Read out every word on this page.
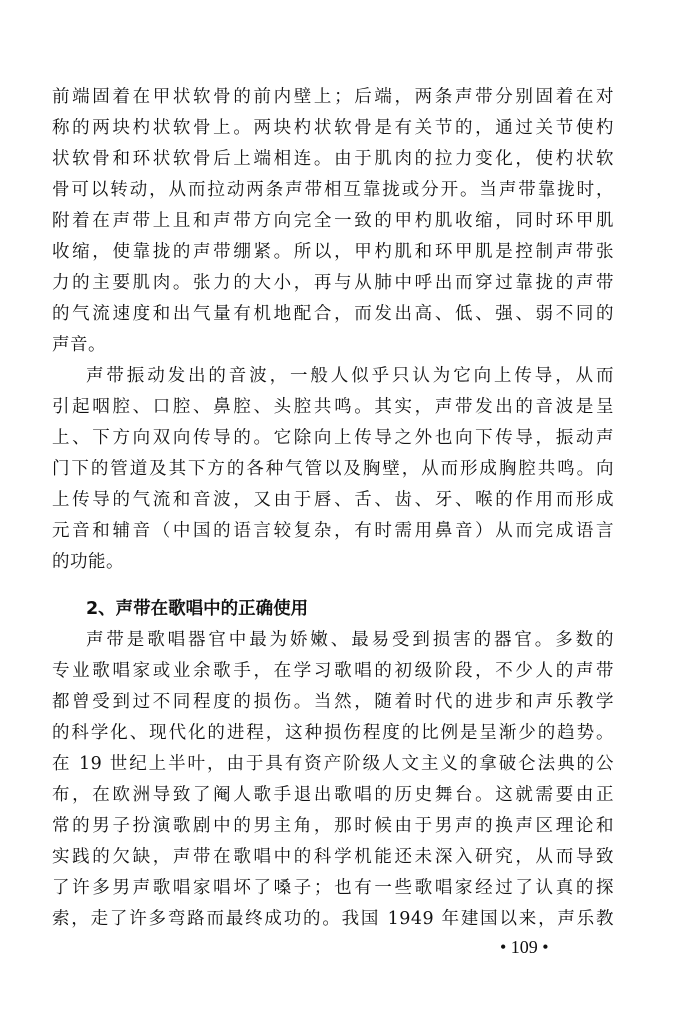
前端固着在甲状软骨的前内壁上；后端，两条声带分别固着在对
称的两块杓状软骨上。两块杓状软骨是有关节的，通过关节使杓
状软骨和环状软骨后上端相连。由于肌肉的拉力变化，使杓状软
骨可以转动，从而拉动两条声带相互靠拢或分开。当声带靠拢时，
附着在声带上且和声带方向完全一致的甲杓肌收缩，同时环甲肌
收缩，使靠拢的声带绷紧。所以，甲杓肌和环甲肌是控制声带张
力的主要肌肉。张力的大小，再与从肺中呼出而穿过靠拢的声带
的气流速度和出气量有机地配合，而发出高、低、强、弱不同的
声音。
声带振动发出的音波，一般人似乎只认为它向上传导，从而
引起咽腔、口腔、鼻腔、头腔共鸣。其实，声带发出的音波是呈
上、下方向双向传导的。它除向上传导之外也向下传导，振动声
门下的管道及其下方的各种气管以及胸壁，从而形成胸腔共鸣。向
上传导的气流和音波，又由于唇、舌、齿、牙、喉的作用而形成
元音和辅音（中国的语言较复杂，有时需用鼻音）从而完成语言
的功能。
2、声带在歌唱中的正确使用
声带是歌唱器官中最为娇嫩、最易受到损害的器官。多数的
专业歌唱家或业余歌手，在学习歌唱的初级阶段，不少人的声带
都曾受到过不同程度的损伤。当然，随着时代的进步和声乐教学
的科学化、现代化的进程，这种损伤程度的比例是呈渐少的趋势。
在 19 世纪上半叶，由于具有资产阶级人文主义的拿破仑法典的公
布，在欧洲导致了阉人歌手退出歌唱的历史舞台。这就需要由正
常的男子扮演歌剧中的男主角，那时候由于男声的换声区理论和
实践的欠缺，声带在歌唱中的科学机能还未深入研究，从而导致
了许多男声歌唱家唱坏了嗓子；也有一些歌唱家经过了认真的探
索，走了许多弯路而最终成功的。我国 1949 年建国以来，声乐教
• 109 •
